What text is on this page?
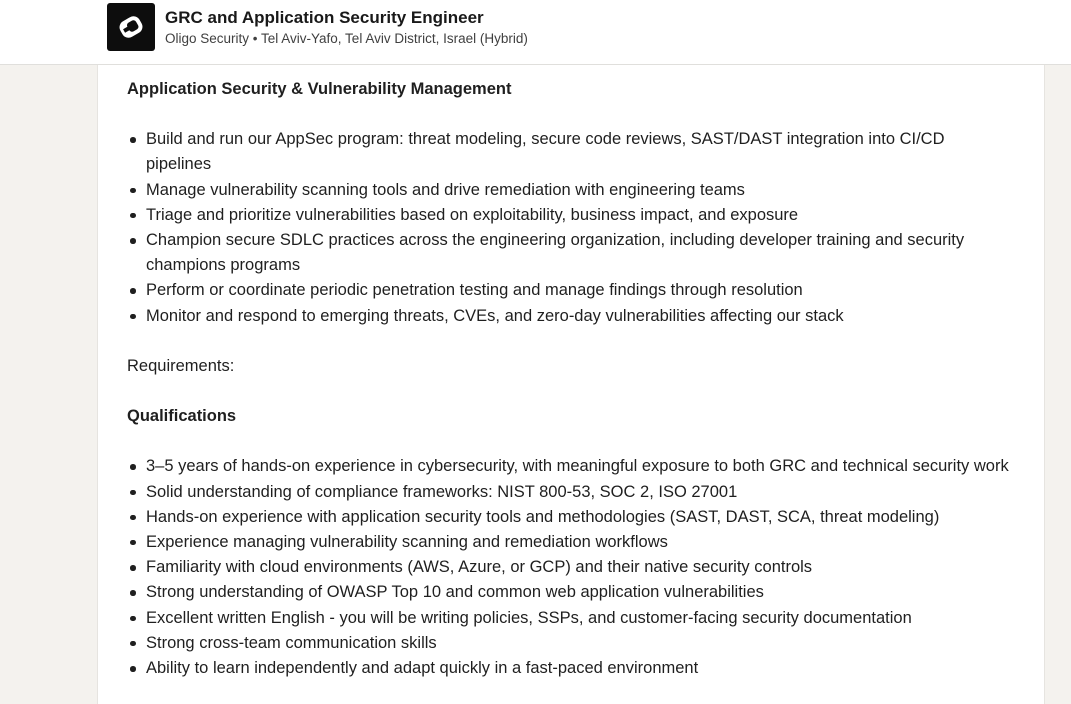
GRC and Application Security Engineer
Oligo Security • Tel Aviv-Yafo, Tel Aviv District, Israel (Hybrid)

Application Security & Vulnerability Management

Build and run our AppSec program: threat modeling, secure code reviews, SAST/DAST integration into CI/CD pipelines
Manage vulnerability scanning tools and drive remediation with engineering teams
Triage and prioritize vulnerabilities based on exploitability, business impact, and exposure
Champion secure SDLC practices across the engineering organization, including developer training and security champions programs
Perform or coordinate periodic penetration testing and manage findings through resolution
Monitor and respond to emerging threats, CVEs, and zero-day vulnerabilities affecting our stack

Requirements:

Qualifications

3–5 years of hands-on experience in cybersecurity, with meaningful exposure to both GRC and technical security work
Solid understanding of compliance frameworks: NIST 800-53, SOC 2, ISO 27001
Hands-on experience with application security tools and methodologies (SAST, DAST, SCA, threat modeling)
Experience managing vulnerability scanning and remediation workflows
Familiarity with cloud environments (AWS, Azure, or GCP) and their native security controls
Strong understanding of OWASP Top 10 and common web application vulnerabilities
Excellent written English - you will be writing policies, SSPs, and customer-facing security documentation
Strong cross-team communication skills
Ability to learn independently and adapt quickly in a fast-paced environment
